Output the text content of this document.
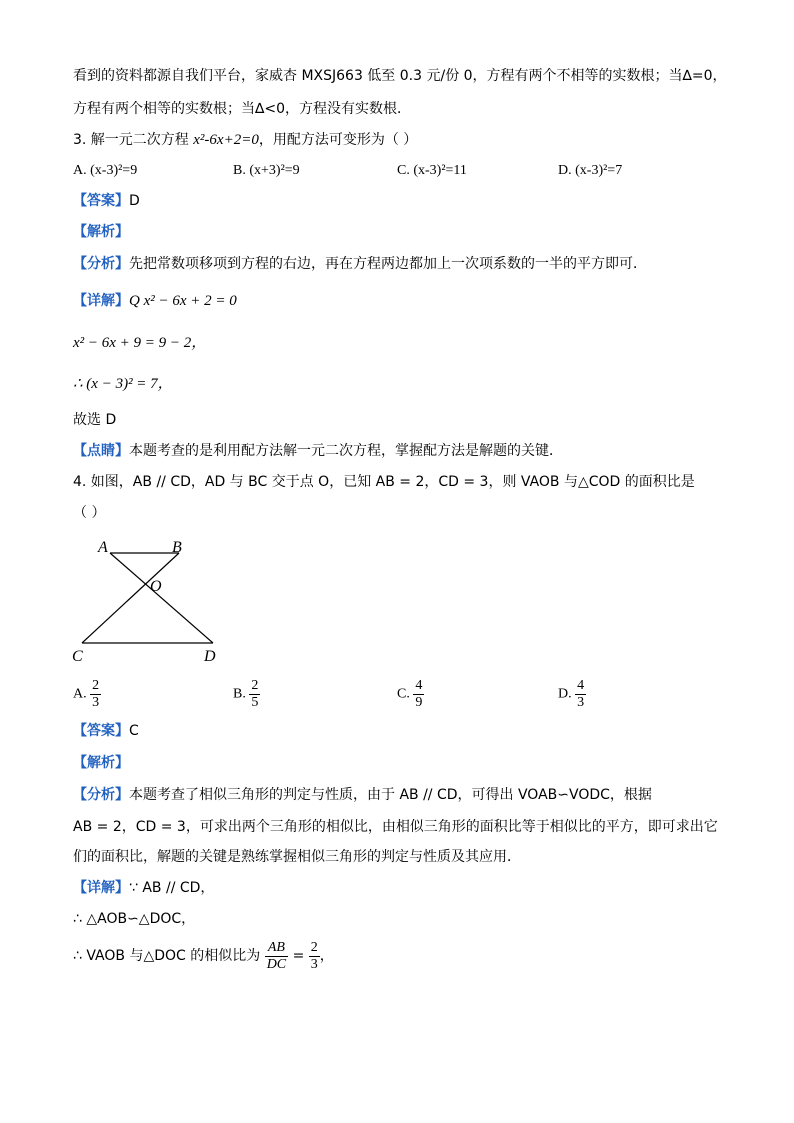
看到的资料都源自我们平台，家威杏 MXSJ663 低至 0.3 元/份 0，方程有两个不相等的实数根；当∆=0，
方程有两个相等的实数根；当∆<0，方程没有实数根．
3. 解一元二次方程 x²-6x+2=0，用配方法可变形为（ ）
A. (x-3)²=9	B. (x+3)²=9	C. (x-3)²=11	D. (x-3)²=7
【答案】D
【解析】
【分析】先把常数项移项到方程的右边，再在方程两边都加上一次项系数的一半的平方即可．
【详解】Q x² − 6x + 2 = 0
x² − 6x + 9 = 9 − 2，
∴ (x − 3)² = 7，
故选 D
【点睛】本题考查的是利用配方法解一元二次方程，掌握配方法是解题的关键．
4. 如图，AB // CD，AD 与 BC 交于点 O，已知 AB = 2，CD = 3，则 VAOB 与△COD 的面积比是
（ ）
A	B
O
C	D
A. $\frac{2}{3}$	B. $\frac{2}{5}$	C. $\frac{4}{9}$	D. $\frac{4}{3}$
【答案】C
【解析】
【分析】本题考查了相似三角形的判定与性质，由于 AB // CD，可得出 VOAB∽VODC，根据
AB = 2，CD = 3，可求出两个三角形的相似比，由相似三角形的面积比等于相似比的平方，即可求出它
们的面积比，解题的关键是熟练掌握相似三角形的判定与性质及其应用．
【详解】∵ AB // CD，
∴ △AOB∽△DOC，
∴ VAOB 与△DOC 的相似比为 $\frac{AB}{DC} = \frac{2}{3}$ ，
